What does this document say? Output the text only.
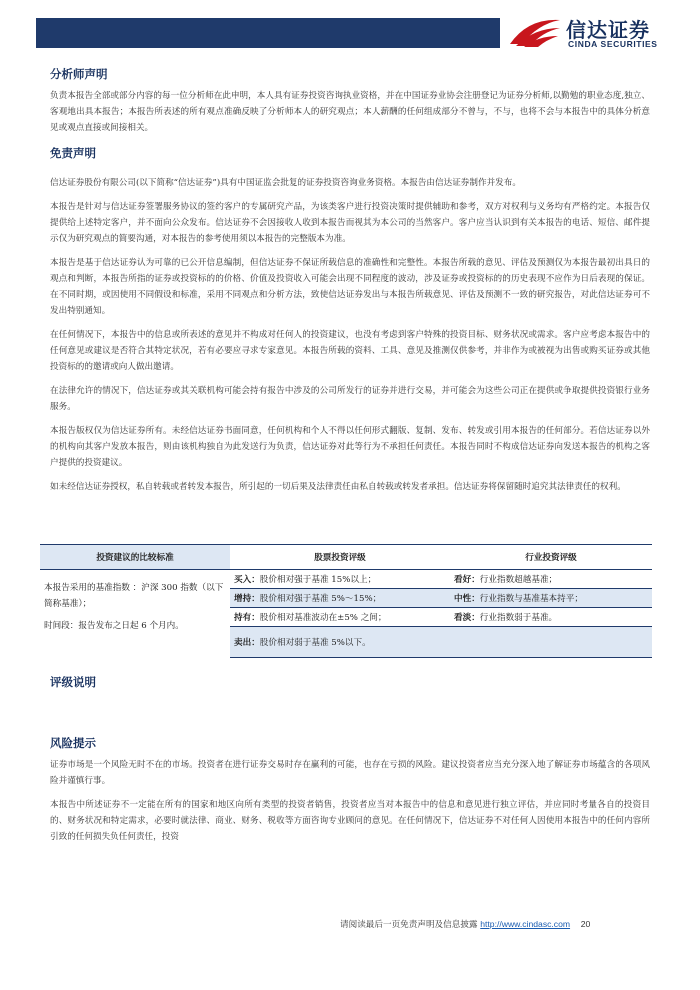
信达证券
CINDA SECURITIES
分析师声明

负责本报告全部或部分内容的每一位分析师在此申明，本人具有证券投资咨询执业资格，并在中国证券业协会注册登记为证券分析师,以勤勉的职业态度,独立、客观地出具本报告；本报告所表述的所有观点准确反映了分析师本人的研究观点；本人薪酬的任何组成部分不曾与，不与，也将不会与本报告中的具体分析意见或观点直接或间接相关。

免责声明

信达证券股份有限公司(以下简称“信达证券”)具有中国证监会批复的证券投资咨询业务资格。本报告由信达证券制作并发布。

本报告是针对与信达证券签署服务协议的签约客户的专属研究产品，为该类客户进行投资决策时提供辅助和参考，双方对权利与义务均有严格约定。本报告仅提供给上述特定客户，并不面向公众发布。信达证券不会因接收人收到本报告而视其为本公司的当然客户。客户应当认识到有关本报告的电话、短信、邮件提示仅为研究观点的简要沟通，对本报告的参考使用须以本报告的完整版本为准。

本报告是基于信达证券认为可靠的已公开信息编制，但信达证券不保证所载信息的准确性和完整性。本报告所载的意见、评估及预测仅为本报告最初出具日的观点和判断，本报告所指的证券或投资标的的价格、价值及投资收入可能会出现不同程度的波动，涉及证券或投资标的的历史表现不应作为日后表现的保证。在不同时期，或因使用不同假设和标准，采用不同观点和分析方法，致使信达证券发出与本报告所载意见、评估及预测不一致的研究报告，对此信达证券可不发出特别通知。

在任何情况下，本报告中的信息或所表述的意见并不构成对任何人的投资建议，也没有考虑到客户特殊的投资目标、财务状况或需求。客户应考虑本报告中的任何意见或建议是否符合其特定状况，若有必要应寻求专家意见。本报告所载的资料、工具、意见及推测仅供参考，并非作为或被视为出售或购买证券或其他投资标的的邀请或向人做出邀请。

在法律允许的情况下，信达证券或其关联机构可能会持有报告中涉及的公司所发行的证券并进行交易，并可能会为这些公司正在提供或争取提供投资银行业务服务。

本报告版权仅为信达证券所有。未经信达证券书面同意，任何机构和个人不得以任何形式翻版、复制、发布、转发或引用本报告的任何部分。若信达证券以外的机构向其客户发放本报告，则由该机构独自为此发送行为负责，信达证券对此等行为不承担任何责任。本报告同时不构成信达证券向发送本报告的机构之客户提供的投资建议。

如未经信达证券授权，私自转载或者转发本报告，所引起的一切后果及法律责任由私自转载或转发者承担。信达证券将保留随时追究其法律责任的权利。

投资建议的比较标准	股票投资评级	行业投资评级

本报告采用的基准指数 ：沪深 300 指数（以下简称基准）；
时间段：报告发布之日起 6 个月内。	买入：股价相对强于基准 15%以上；	看好：行业指数超越基准；
	增持：股价相对强于基准 5%～15%；	中性：行业指数与基准基本持平；
	持有：股价相对基准波动在±5% 之间；	看淡：行业指数弱于基准。
	卖出：股价相对弱于基准 5%以下。	
评级说明
风险提示

证券市场是一个风险无时不在的市场。投资者在进行证券交易时存在赢利的可能，也存在亏损的风险。建议投资者应当充分深入地了解证券市场蕴含的各项风险并谨慎行事。

本报告中所述证券不一定能在所有的国家和地区向所有类型的投资者销售，投资者应当对本报告中的信息和意见进行独立评估，并应同时考量各自的投资目的、财务状况和特定需求，必要时就法律、商业、财务、税收等方面咨询专业顾问的意见。在任何情况下，信达证券不对任何人因使用本报告中的任何内容所引致的任何损失负任何责任，投资

请阅读最后一页免责声明及信息披露 http://www.cindasc.com 20
